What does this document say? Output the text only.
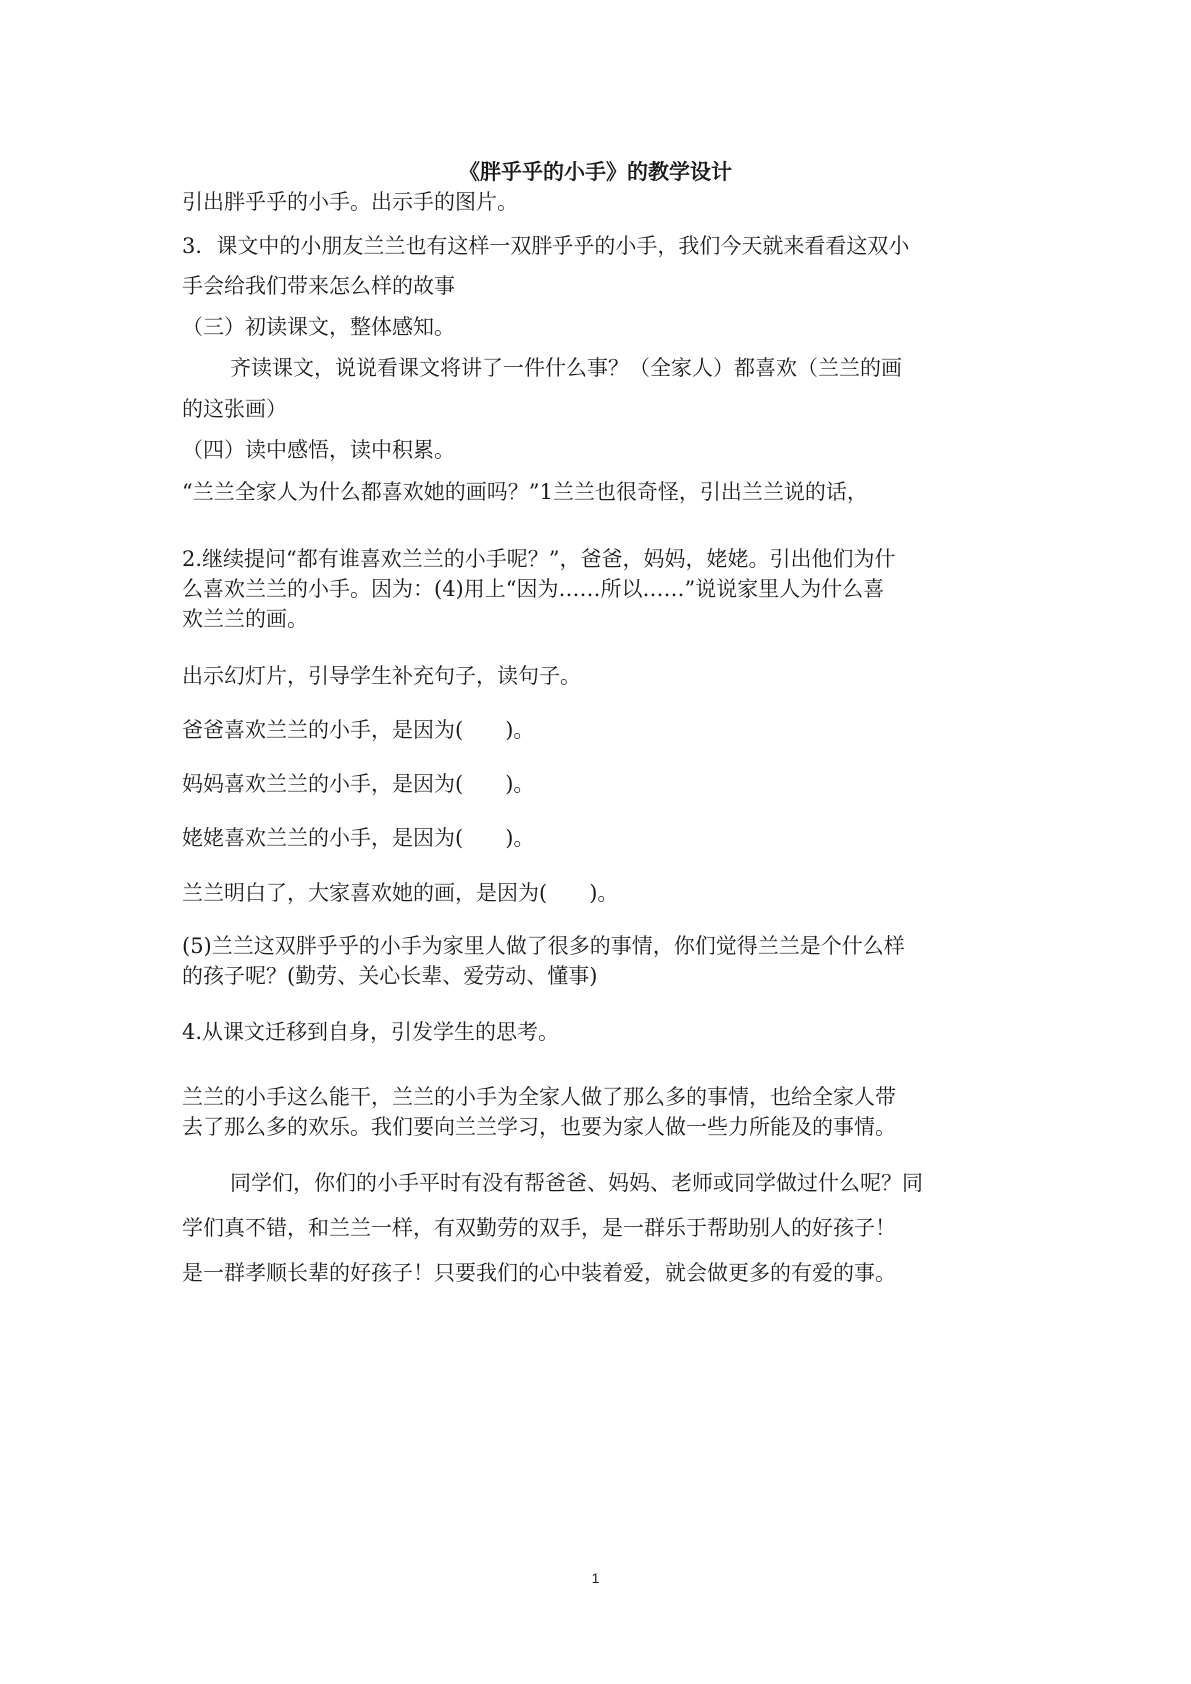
《胖乎乎的小手》的教学设计
引出胖乎乎的小手。出示手的图片。
3．课文中的小朋友兰兰也有这样一双胖乎乎的小手，我们今天就来看看这双小
手会给我们带来怎么样的故事
（三）初读课文，整体感知。
齐读课文，说说看课文将讲了一件什么事？（全家人）都喜欢（兰兰的画
的这张画）
（四）读中感悟，读中积累。
“兰兰全家人为什么都喜欢她的画吗？”1兰兰也很奇怪，引出兰兰说的话，
2.继续提问“都有谁喜欢兰兰的小手呢？”，爸爸，妈妈，姥姥。引出他们为什
么喜欢兰兰的小手。因为：(4)用上“因为……所以……”说说家里人为什么喜
欢兰兰的画。
出示幻灯片，引导学生补充句子，读句子。
爸爸喜欢兰兰的小手，是因为(　　)。
妈妈喜欢兰兰的小手，是因为(　　)。
姥姥喜欢兰兰的小手，是因为(　　)。
兰兰明白了，大家喜欢她的画，是因为(　　)。
(5)兰兰这双胖乎乎的小手为家里人做了很多的事情，你们觉得兰兰是个什么样
的孩子呢？(勤劳、关心长辈、爱劳动、懂事)
4.从课文迁移到自身，引发学生的思考。
兰兰的小手这么能干，兰兰的小手为全家人做了那么多的事情，也给全家人带
去了那么多的欢乐。我们要向兰兰学习，也要为家人做一些力所能及的事情。
同学们，你们的小手平时有没有帮爸爸、妈妈、老师或同学做过什么呢？同
学们真不错，和兰兰一样，有双勤劳的双手，是一群乐于帮助别人的好孩子！
是一群孝顺长辈的好孩子！只要我们的心中装着爱，就会做更多的有爱的事。
1
